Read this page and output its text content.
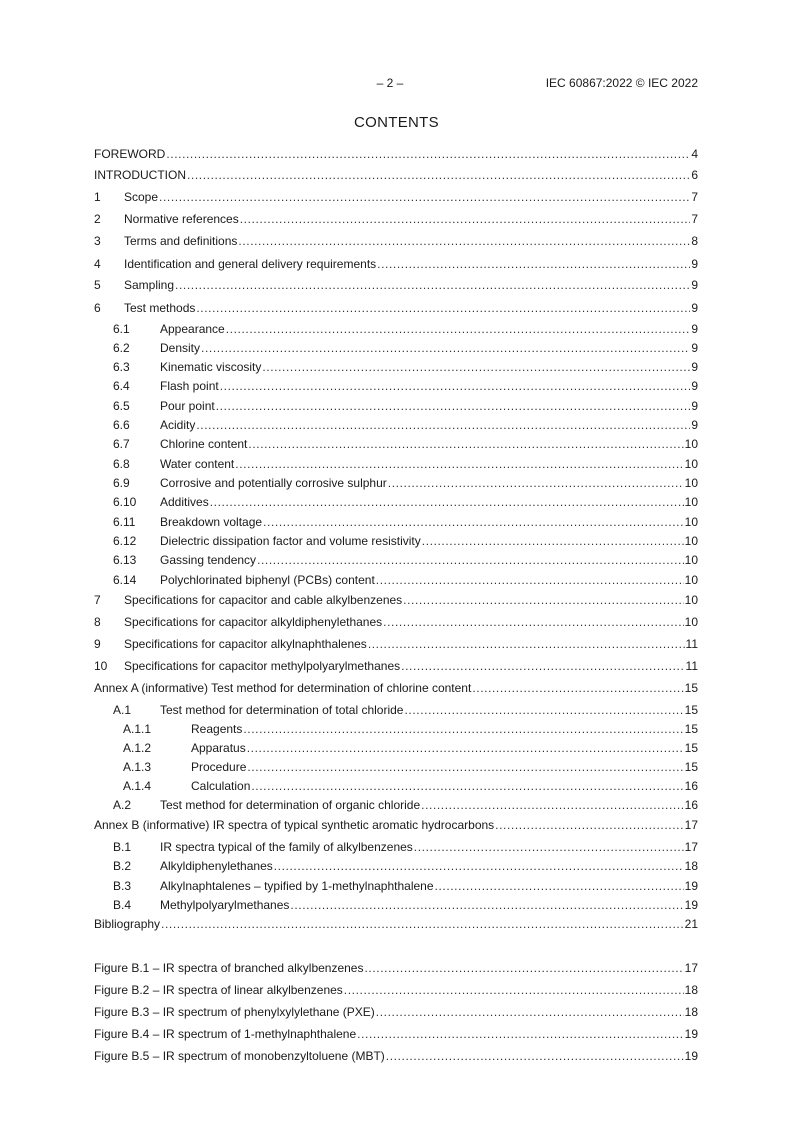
– 2 –	IEC 60867:2022 © IEC 2022
CONTENTS
FOREWORD .....	4
INTRODUCTION .....	6
1	Scope .....	7
2	Normative references .....	7
3	Terms and definitions .....	8
4	Identification and general delivery requirements .....	9
5	Sampling .....	9
6	Test methods .....	9
6.1	Appearance .....	9
6.2	Density .....	9
6.3	Kinematic viscosity .....	9
6.4	Flash point .....	9
6.5	Pour point .....	9
6.6	Acidity .....	9
6.7	Chlorine content .....	10
6.8	Water content .....	10
6.9	Corrosive and potentially corrosive sulphur .....	10
6.10	Additives .....	10
6.11	Breakdown voltage .....	10
6.12	Dielectric dissipation factor and volume resistivity .....	10
6.13	Gassing tendency .....	10
6.14	Polychlorinated biphenyl (PCBs) content .....	10
7	Specifications for capacitor and cable alkylbenzenes .....	10
8	Specifications for capacitor alkyldiphenylethanes .....	10
9	Specifications for capacitor alkylnaphthalenes .....	11
10	Specifications for capacitor methylpolyarylmethanes .....	11
Annex A (informative) Test method for determination of chlorine content .....	15
A.1	Test method for determination of total chloride .....	15
A.1.1	Reagents .....	15
A.1.2	Apparatus .....	15
A.1.3	Procedure .....	15
A.1.4	Calculation .....	16
A.2	Test method for determination of organic chloride .....	16
Annex B (informative) IR spectra of typical synthetic aromatic hydrocarbons .....	17
B.1	IR spectra typical of the family of alkylbenzenes .....	17
B.2	Alkyldiphenylethanes .....	18
B.3	Alkylnaphtalenes – typified by 1-methylnaphthalene .....	19
B.4	Methylpolyarylmethanes .....	19
Bibliography .....	21
Figure B.1 – IR spectra of branched alkylbenzenes .....	17
Figure B.2 – IR spectra of linear alkylbenzenes .....	18
Figure B.3 – IR spectrum of phenylxylylethane (PXE) .....	18
Figure B.4 – IR spectrum of 1-methylnaphthalene .....	19
Figure B.5 – IR spectrum of monobenzyltoluene (MBT) .....	19
